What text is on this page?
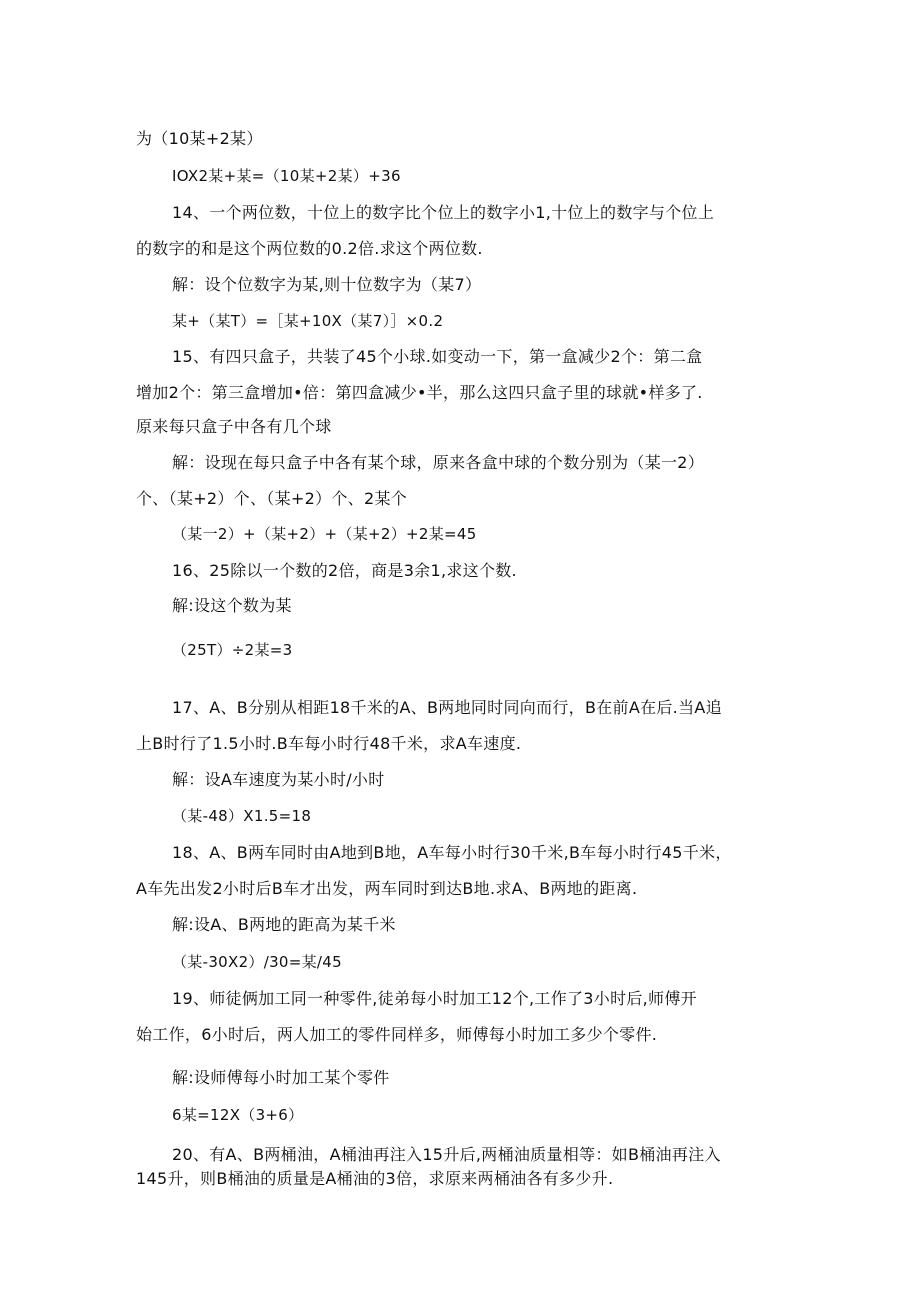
为（10某+2某）
IOX2某+某=（10某+2某）+36
14、一个两位数，十位上的数字比个位上的数字小1,十位上的数字与个位上
的数字的和是这个两位数的0.2倍.求这个两位数.
解：设个位数字为某,则十位数字为（某7）
某+（某T）=［某+10X（某7）］×0.2
15、有四只盒子，共装了45个小球.如变动一下，第一盒减少2个：第二盒
增加2个：第三盒增加•倍：第四盒减少•半，那么这四只盒子里的球就•样多了.
原来每只盒子中各有几个球
解：设现在每只盒子中各有某个球，原来各盒中球的个数分别为（某一2）
个、（某+2）个、（某+2）个、2某个
（某一2）+（某+2）+（某+2）+2某=45
16、25除以一个数的2倍，商是3余1,求这个数.
解:设这个数为某
（25T）÷2某=3
17、A、B分别从相距18千米的A、B两地同时同向而行，B在前A在后.当A追
上B时行了1.5小时.B车每小时行48千米，求A车速度.
解：设A车速度为某小时/小时
（某-48）X1.5=18
18、A、B两车同时由A地到B地，A车每小时行30千米,B车每小时行45千米，
A车先出发2小时后B车才出发，两车同时到达B地.求A、B两地的距离.
解:设A、B两地的距高为某千米
（某-30X2）/30=某/45
19、师徒俩加工同一种零件,徒弟每小时加工12个,工作了3小时后,师傅开
始工作，6小时后，两人加工的零件同样多，师傅每小时加工多少个零件.
解:设师傅每小时加工某个零件
6某=12X（3+6）
20、有A、B两桶油，A桶油再注入15升后,两桶油质量相等：如B桶油再注入
145升，则B桶油的质量是A桶油的3倍，求原来两桶油各有多少升.
